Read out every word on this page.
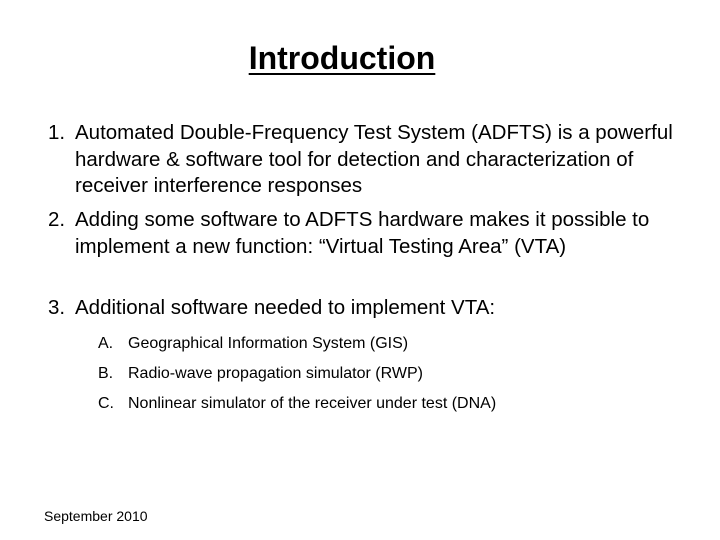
Introduction
1. Automated Double-Frequency Test System (ADFTS) is a powerful hardware & software tool for detection and characterization of receiver interference responses
2. Adding some software to ADFTS hardware makes it possible to implement a new function: “Virtual Testing Area” (VTA)
3. Additional software needed to implement VTA:
A. Geographical Information System (GIS)
B. Radio-wave propagation simulator (RWP)
C. Nonlinear simulator of the receiver under test (DNA)
September 2010
